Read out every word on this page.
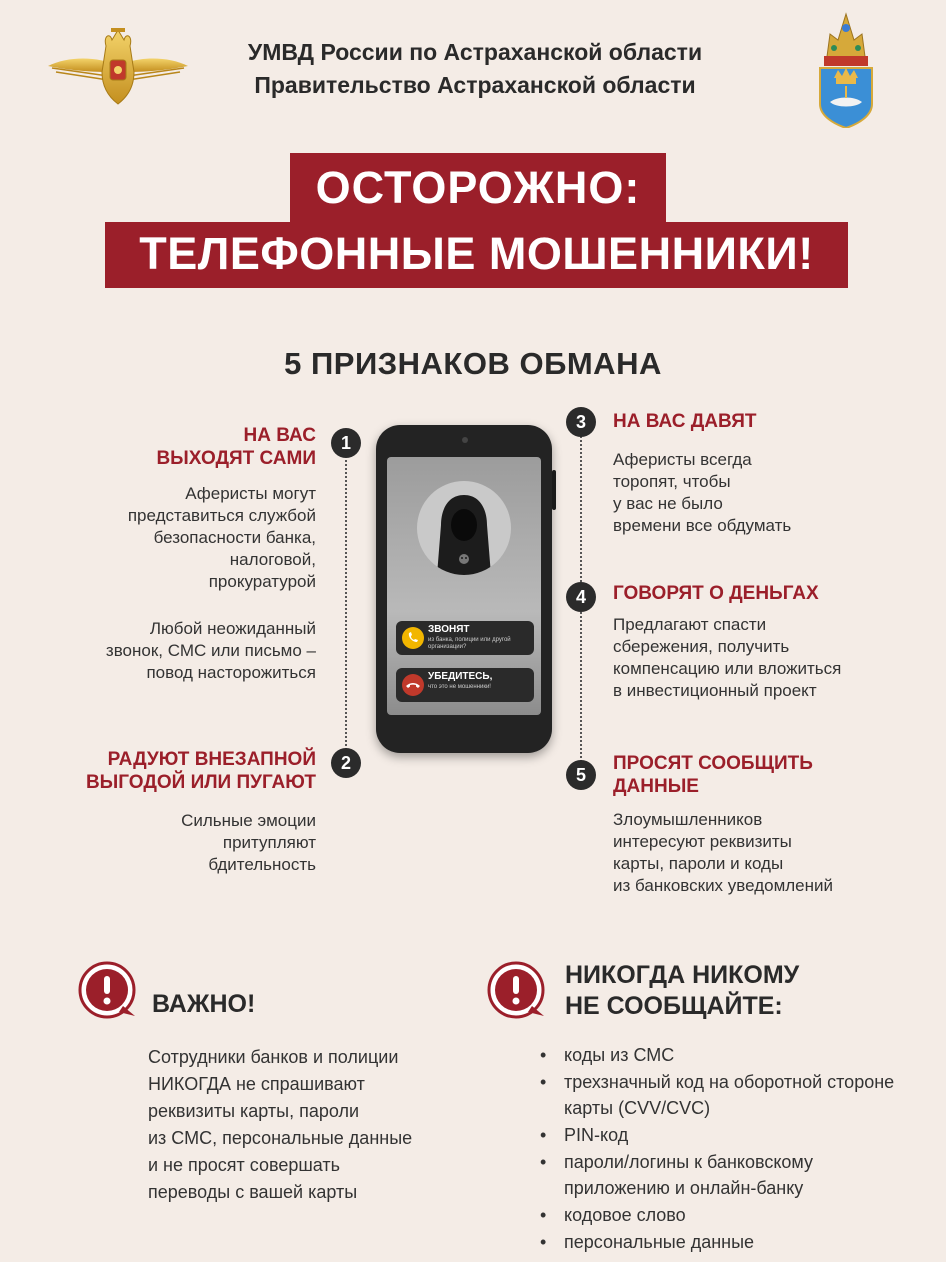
УМВД России по Астраханской области
Правительство Астраханской области
ОСТОРОЖНО:
ТЕЛЕФОННЫЕ МОШЕННИКИ!
5 ПРИЗНАКОВ ОБМАНА
НА ВАС
ВЫХОДЯТ САМИ
Аферисты могут
представиться службой
безопасности банка,
налоговой,
прокуратурой
Любой неожиданный
звонок, СМС или письмо –
повод насторожиться
РАДУЮТ ВНЕЗАПНОЙ
ВЫГОДОЙ ИЛИ ПУГАЮТ
Сильные эмоции
притупляют
бдительность
1
2
3
4
5
НА ВАС ДАВЯТ
Аферисты всегда
торопят, чтобы
у вас не было
времени все обдумать
ГОВОРЯТ О ДЕНЬГАХ
Предлагают спасти
сбережения, получить
компенсацию или вложиться
в инвестиционный проект
ПРОСЯТ СООБЩИТЬ
ДАННЫЕ
Злоумышленников
интересуют реквизиты
карты, пароли и коды
из банковских уведомлений
ЗВОНЯТ
из банка, полиции или другой организации?
УБЕДИТЕСЬ,
что это не мошенники!
ВАЖНО!
Сотрудники банков и полиции
НИКОГДА не спрашивают
реквизиты карты, пароли
из СМС, персональные данные
и не просят совершать
переводы с вашей карты
НИКОГДА НИКОМУ
НЕ СООБЩАЙТЕ:
• коды из СМС
• трехзначный код на оборотной стороне карты (CVV/CVC)
• PIN-код
• пароли/логины к банковскому приложению и онлайн-банку
• кодовое слово
• персональные данные
